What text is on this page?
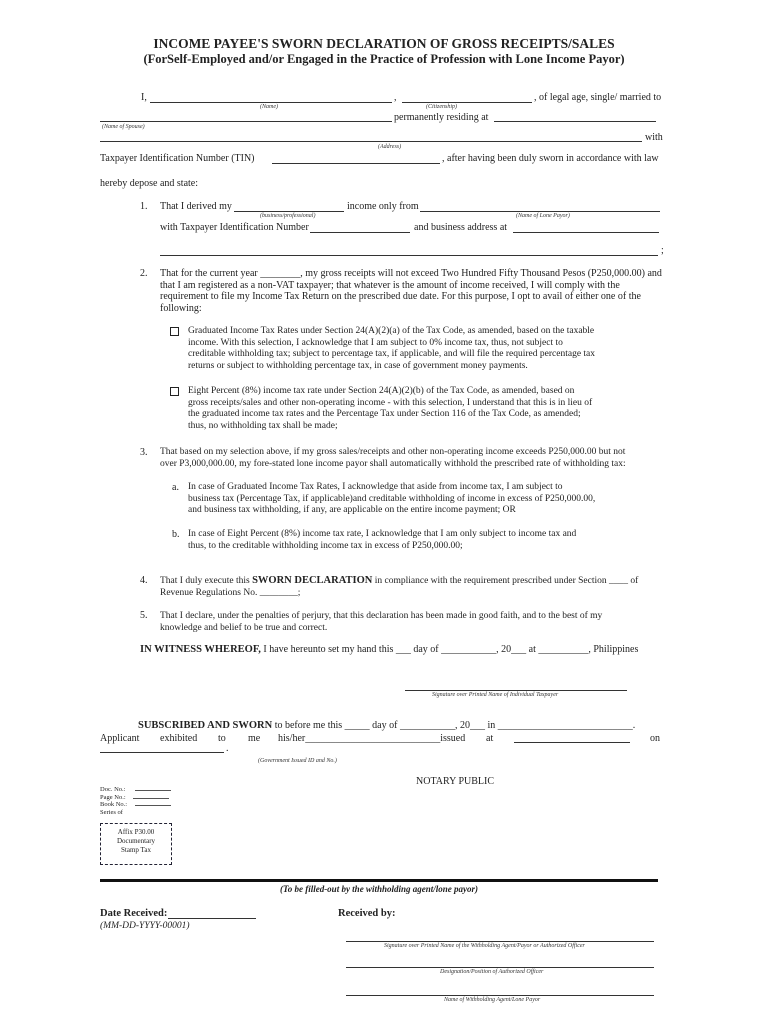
INCOME PAYEE'S SWORN DECLARATION OF GROSS RECEIPTS/SALES
(ForSelf-Employed and/or Engaged in the Practice of Profession with Lone Income Payor)
I,	,	, of legal age, single/ married to
(Name)	(Citizenship)
permanently residing at
(Name of Spouse)
with
(Address)
Taxpayer Identification Number (TIN)	, after having been duly sworn in accordance with law
hereby depose and state:
1. That I derived my	income only from
(business/professional)	(Name of Lone Payor)
with Taxpayer Identification Number	and business address at
;
2. That for the current year ________, my gross receipts will not exceed Two Hundred Fifty Thousand Pesos (P250,000.00) and
that I am registered as a non-VAT taxpayer; that whatever is the amount of income received, I will comply with the
requirement to file my Income Tax Return on the prescribed due date. For this purpose, I opt to avail of either one of the
following:
Graduated Income Tax Rates under Section 24(A)(2)(a) of the Tax Code, as amended, based on the taxable
income. With this selection, I acknowledge that I am subject to 0% income tax, thus, not subject to
creditable withholding tax; subject to percentage tax, if applicable, and will file the required percentage tax
returns or subject to withholding percentage tax, in case of government money payments.
Eight Percent (8%) income tax rate under Section 24(A)(2)(b) of the Tax Code, as amended, based on
gross receipts/sales and other non-operating income - with this selection, I understand that this is in lieu of
the graduated income tax rates and the Percentage Tax under Section 116 of the Tax Code, as amended;
thus, no withholding tax shall be made;
3. That based on my selection above, if my gross sales/receipts and other non-operating income exceeds P250,000.00 but not
over P3,000,000.00, my fore-stated lone income payor shall automatically withhold the prescribed rate of withholding tax:
a. In case of Graduated Income Tax Rates, I acknowledge that aside from income tax, I am subject to
business tax (Percentage Tax, if applicable)and creditable withholding of income in excess of P250,000.00,
and business tax withholding, if any, are applicable on the entire income payment; OR
b. In case of Eight Percent (8%) income tax rate, I acknowledge that I am only subject to income tax and
thus, to the creditable withholding income tax in excess of P250,000.00;
4. That I duly execute this SWORN DECLARATION in compliance with the requirement prescribed under Section ____ of
Revenue Regulations No. ________;
5. That I declare, under the penalties of perjury, that this declaration has been made in good faith, and to the best of my
knowledge and belief to be true and correct.
IN WITNESS WHEREOF, I have hereunto set my hand this ___ day of ___________, 20___ at __________, Philippines
Signature over Printed Name of Individual Taxpayer
SUBSCRIBED AND SWORN to before me this _____ day of ___________, 20___ in ___________________________.
Applicant exhibited to me his/her___________________________issued at	on
.
(Government Issued ID and No.)
NOTARY PUBLIC
Doc. No.:
Page No.:
Book No.:
Series of
Affix P30.00
Documentary
Stamp Tax
(To be filled-out by the withholding agent/lone payor)
Date Received:
(MM-DD-YYYY-00001)
Received by:
Signature over Printed Name of the Withholding Agent/Payor or Authorized Officer
Designation/Position of Authorized Officer
Name of Withholding Agent/Lone Payor
